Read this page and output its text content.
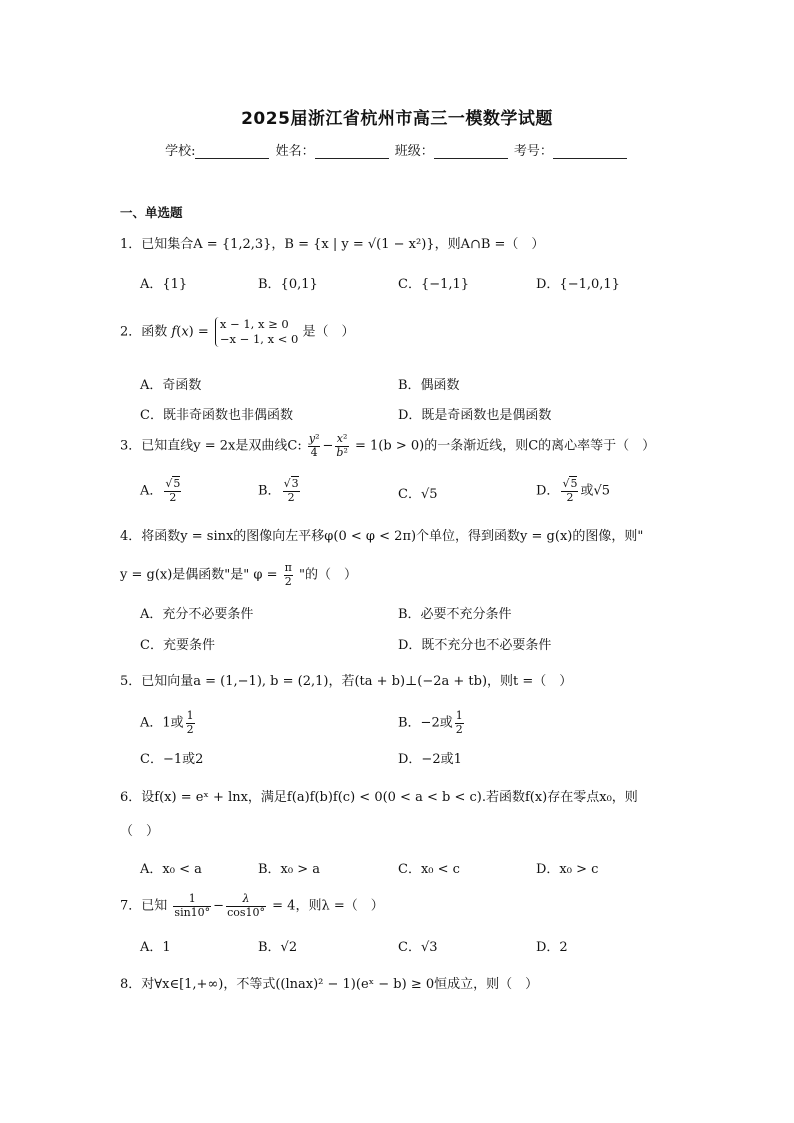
2025届浙江省杭州市高三一模数学试题
学校:	姓名：	班级：	考号：
一、单选题
1．已知集合A = {1,2,3}，B = {x | y = √(1 − x²)}，则A∩B =（　）
A．{1}	B．{0,1}	C．{−1,1}	D．{−1,0,1}
2．函数 f(x) =
x − 1, x ≥ 0
−x − 1, x < 0 是（　）
A．奇函数	B．偶函数
C．既非奇函数也非偶函数	D．既是奇函数也是偶函数
3．已知直线y = 2x是双曲线C: $\frac{\text{y²}}{4} - \frac{\text{x²}}{\text{b²}} = 1(b > 0)$的一条渐近线，则C的离心率等于（　）
A． $\frac{√5}{2}$	B． $\frac{√3}{2}$	C．√5	D． $\frac{√5}{2}$ 或√5
4．将函数y = sinx的图像向左平移φ(0 < φ < 2π)个单位，得到函数y = g(x)的图像，则"
y = g(x)是偶函数"是" $\varphi = \frac{\pi}{2}$ "的（　）
A．充分不必要条件	B．必要不充分条件
C．充要条件	D．既不充分也不必要条件
5．已知向量a = (1,−1), b = (2,1)，若(ta + b)⊥(−2a + tb)，则t =（　）
A．1或 $\frac{1}{2}$	B．−2或 $\frac{1}{2}$
C．−1或2	D．−2或1
6．设f(x) = eˣ + lnx，满足f(a)f(b)f(c) < 0(0 < a < b < c).若函数f(x)存在零点x₀，则
（　）
A．x₀ < a	B．x₀ > a	C．x₀ < c	D．x₀ > c
7．已知 $\frac{1}{\sin 10^\circ} - \frac{\lambda}{\cos 10^\circ} = 4$，则λ =（　）
A．1	B．√2	C．√3	D．2
8．对∀x∈[1,+∞)，不等式((lnax)² − 1)(eˣ − b) ≥ 0恒成立，则（　）
